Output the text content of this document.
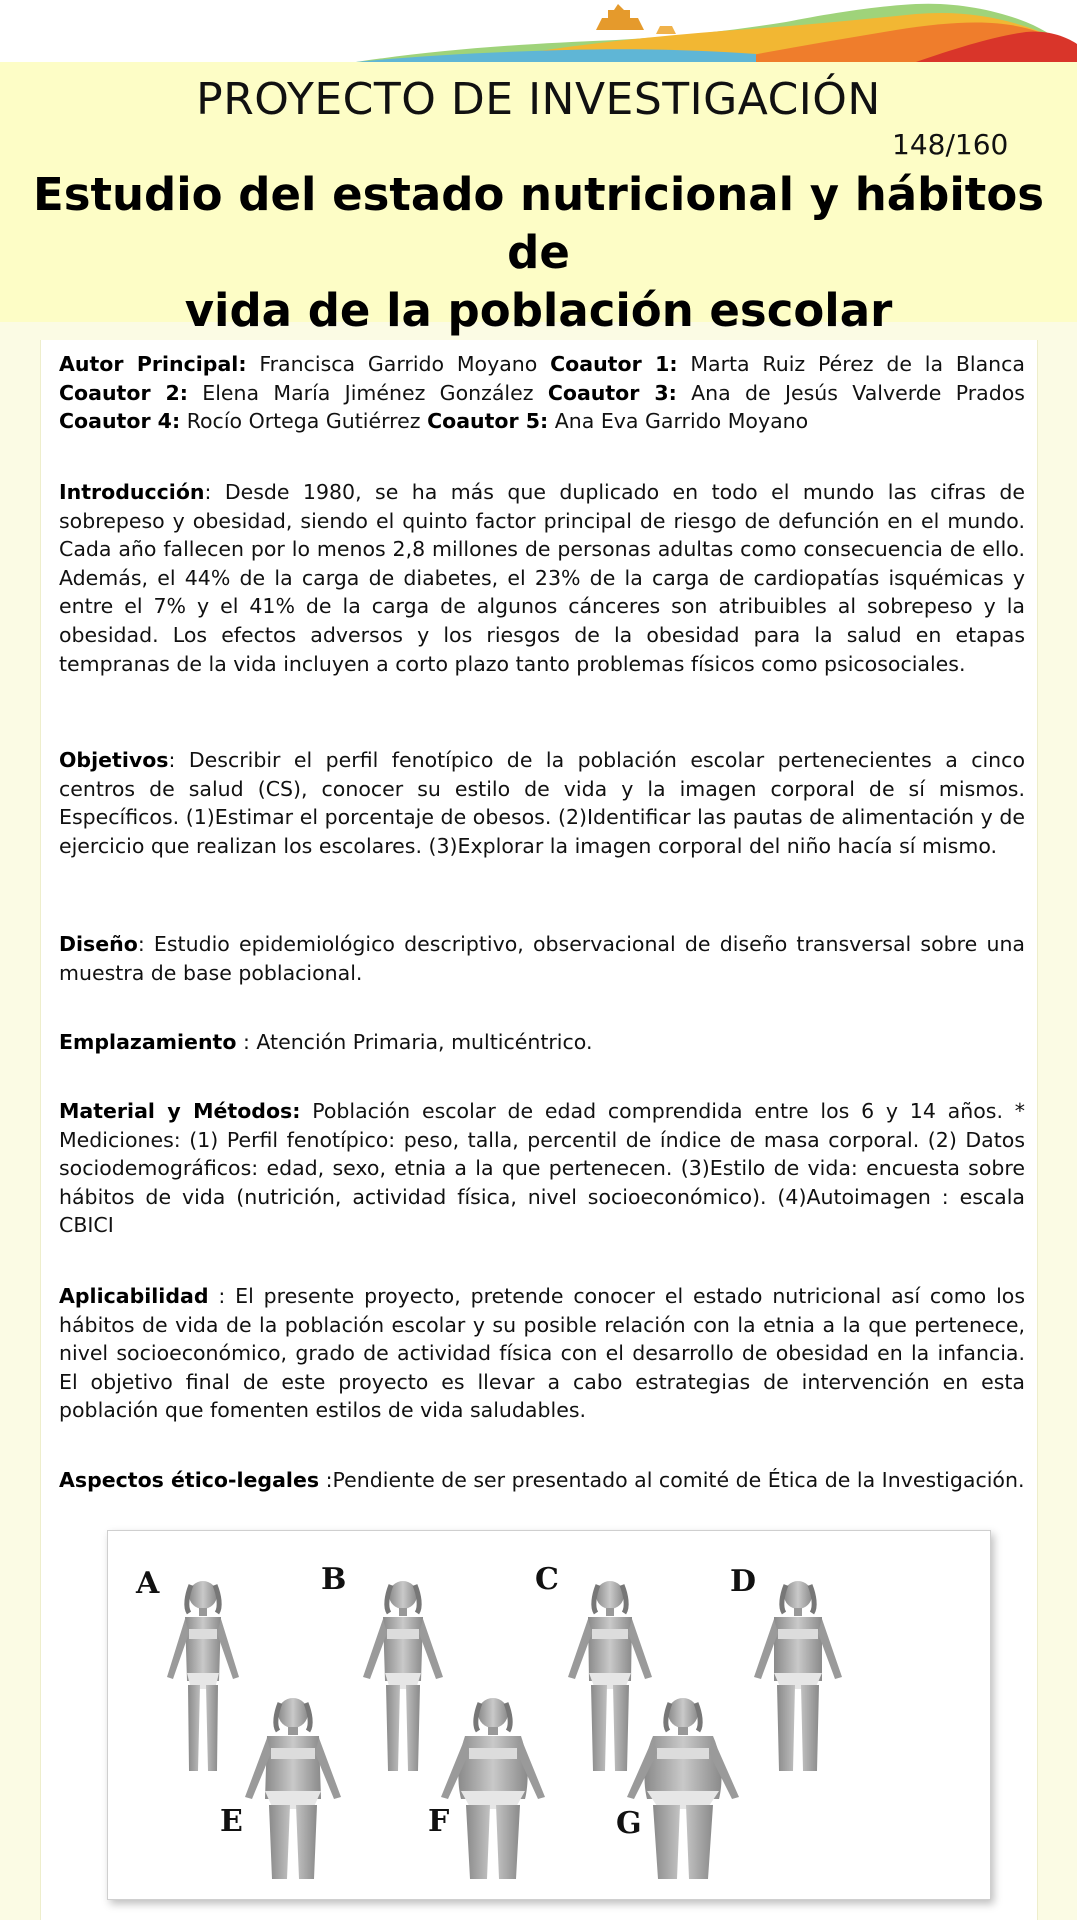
PROYECTO DE INVESTIGACIÓN
148/160
Estudio del estado nutricional y hábitos de
vida de la población escolar
Autor Principal: Francisca Garrido Moyano Coautor 1: Marta Ruiz Pérez de la Blanca Coautor 2: Elena María Jiménez González Coautor 3: Ana de Jesús Valverde Prados Coautor 4: Rocío Ortega Gutiérrez Coautor 5: Ana Eva Garrido Moyano
Introducción: Desde 1980, se ha más que duplicado en todo el mundo las cifras de sobrepeso y obesidad, siendo el quinto factor principal de riesgo de defunción en el mundo. Cada año fallecen por lo menos 2,8 millones de personas adultas como consecuencia de ello. Además, el 44% de la carga de diabetes, el 23% de la carga de cardiopatías isquémicas y entre el 7% y el 41% de la carga de algunos cánceres son atribuibles al sobrepeso y la obesidad. Los efectos adversos y los riesgos de la obesidad para la salud en etapas tempranas de la vida incluyen a corto plazo tanto problemas físicos como psicosociales.
Objetivos: Describir el perfil fenotípico de la población escolar pertenecientes a cinco centros de salud (CS), conocer su estilo de vida y la imagen corporal de sí mismos. Específicos. (1)Estimar el porcentaje de obesos. (2)Identificar las pautas de alimentación y de ejercicio que realizan los escolares. (3)Explorar la imagen corporal del niño hacía sí mismo.
Diseño: Estudio epidemiológico descriptivo, observacional de diseño transversal sobre una muestra de base poblacional.
Emplazamiento : Atención Primaria, multicéntrico.
Material y Métodos: Población escolar de edad comprendida entre los 6 y 14 años. * Mediciones: (1) Perfil fenotípico: peso, talla, percentil de índice de masa corporal. (2) Datos sociodemográficos: edad, sexo, etnia a la que pertenecen. (3)Estilo de vida: encuesta sobre hábitos de vida (nutrición, actividad física, nivel socioeconómico). (4)Autoimagen : escala CBICI
Aplicabilidad : El presente proyecto, pretende conocer el estado nutricional así como los hábitos de vida de la población escolar y su posible relación con la etnia a la que pertenece, nivel socioeconómico, grado de actividad física con el desarrollo de obesidad en la infancia. El objetivo final de este proyecto es llevar a cabo estrategias de intervención en esta población que fomenten estilos de vida saludables.
Aspectos ético-legales :Pendiente de ser presentado al comité de Ética de la Investigación.
A	B	C	D
E	F	G
